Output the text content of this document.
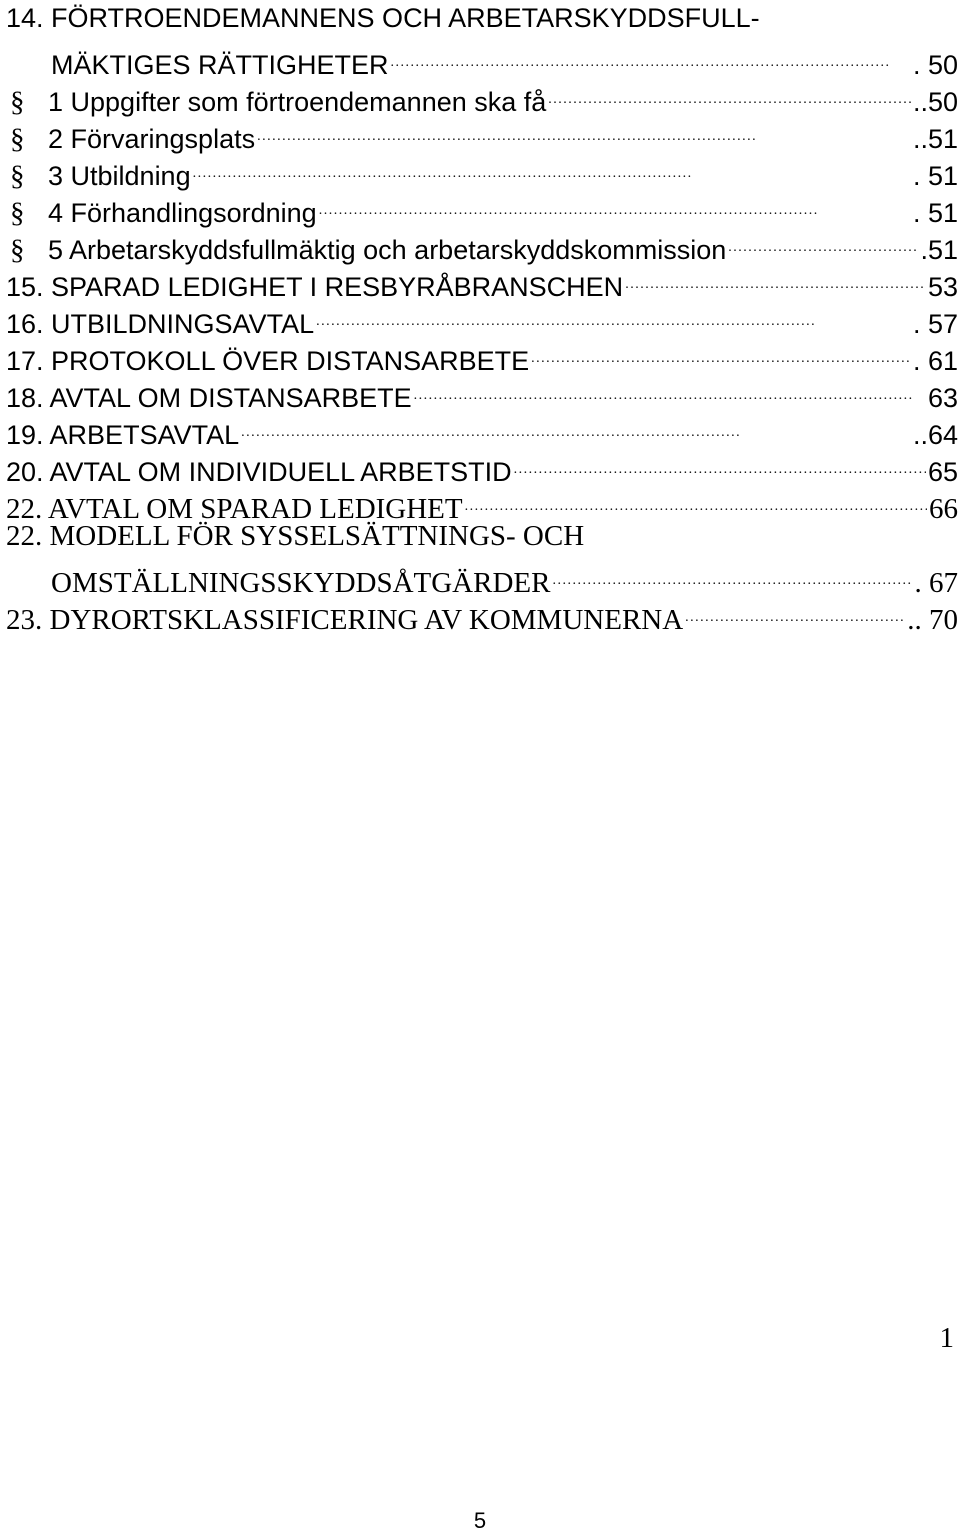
14. FÖRTROENDEMANNENS OCH ARBETARSKYDDSFULL-
MÄKTIGES RÄTTIGHETER . . .	. 50
§ 1 Uppgifter som förtroendemannen ska få . . .	..50
§ 2 Förvaringsplats . . .	..51
§ 3 Utbildning . . .	. 51
§ 4 Förhandlingsordning . . .	. 51
§ 5 Arbetarskyddsfullmäktig och arbetarskyddskommission . . .	.51
15. SPARAD LEDIGHET I RESBYRÅBRANSCHEN . . .	53
16. UTBILDNINGSAVTAL . . .	. 57
17. PROTOKOLL ÖVER DISTANSARBETE . . .	. 61
18. AVTAL OM DISTANSARBETE . . .	63
19. ARBETSAVTAL . . .	..64
20. AVTAL OM INDIVIDUELL ARBETSTID . . .	65
22. AVTAL OM SPARAD LEDIGHET . . .	66
22. MODELL FÖR SYSSELSÄTTNINGS- OCH
OMSTÄLLNINGSSKYDDSÅTGÄRDER . . .	. 67
23. DYRORTSKLASSIFICERING AV KOMMUNERNA . . .	.. 70
1
5
